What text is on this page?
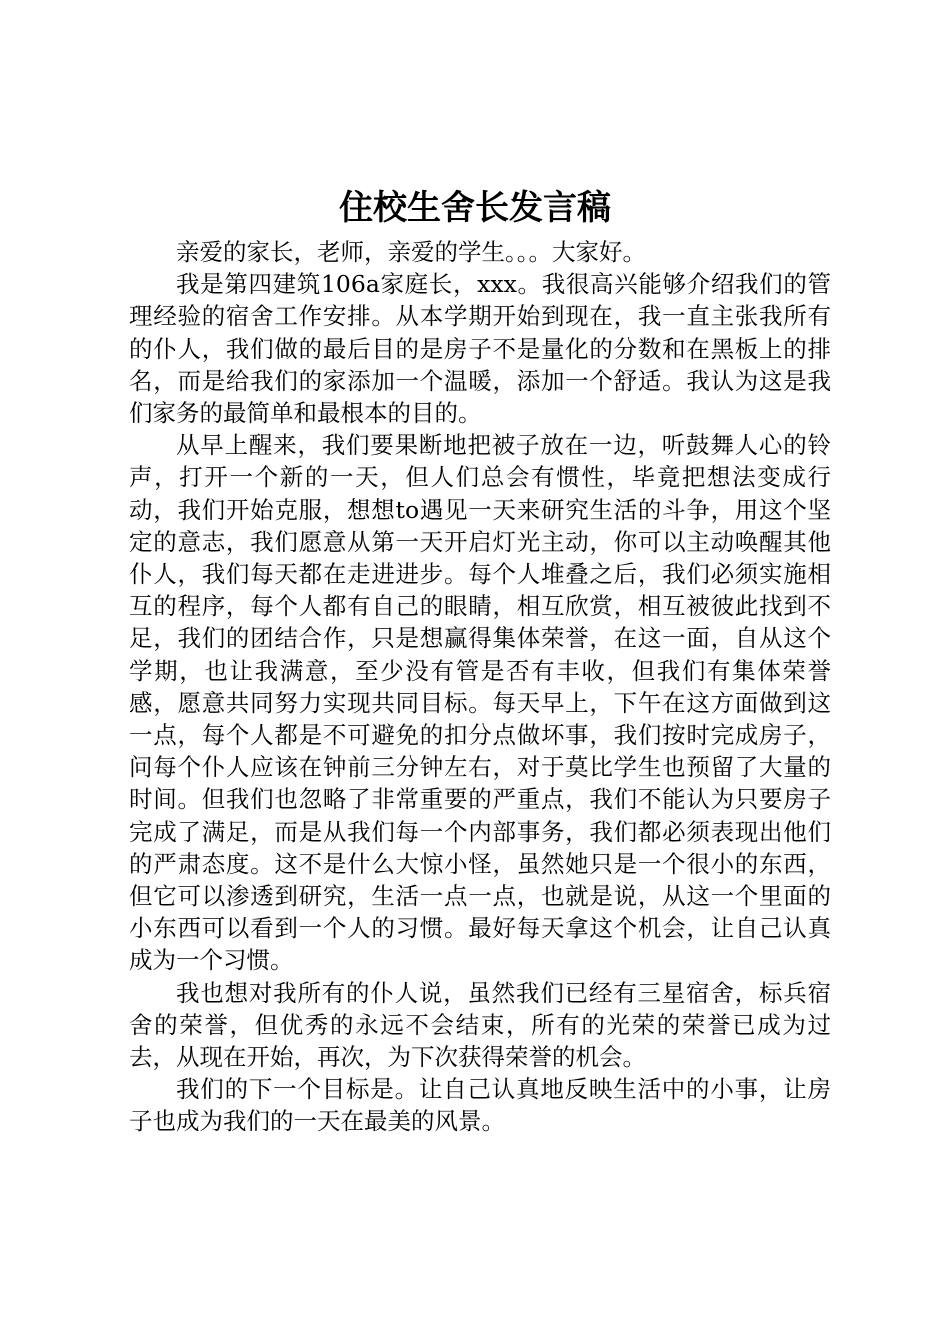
住校生舍长发言稿

亲爱的家长，老师，亲爱的学生。。。大家好。

我是第四建筑106a家庭长，xxx。我很高兴能够介绍我们的管理经验的宿舍工作安排。从本学期开始到现在，我一直主张我所有的仆人，我们做的最后目的是房子不是量化的分数和在黑板上的排名，而是给我们的家添加一个温暖，添加一个舒适。我认为这是我们家务的最简单和最根本的目的。

从早上醒来，我们要果断地把被子放在一边，听鼓舞人心的铃声，打开一个新的一天，但人们总会有惯性，毕竟把想法变成行动，我们开始克服，想想to遇见一天来研究生活的斗争，用这个坚定的意志，我们愿意从第一天开启灯光主动，你可以主动唤醒其他仆人，我们每天都在走进进步。每个人堆叠之后，我们必须实施相互的程序，每个人都有自己的眼睛，相互欣赏，相互被彼此找到不足，我们的团结合作，只是想赢得集体荣誉，在这一面，自从这个学期，也让我满意，至少没有管是否有丰收，但我们有集体荣誉感，愿意共同努力实现共同目标。每天早上，下午在这方面做到这一点，每个人都是不可避免的扣分点做坏事，我们按时完成房子，问每个仆人应该在钟前三分钟左右，对于莫比学生也预留了大量的时间。但我们也忽略了非常重要的严重点，我们不能认为只要房子完成了满足，而是从我们每一个内部事务，我们都必须表现出他们的严肃态度。这不是什么大惊小怪，虽然她只是一个很小的东西，但它可以渗透到研究，生活一点一点，也就是说，从这一个里面的小东西可以看到一个人的习惯。最好每天拿这个机会，让自己认真成为一个习惯。

我也想对我所有的仆人说，虽然我们已经有三星宿舍，标兵宿舍的荣誉，但优秀的永远不会结束，所有的光荣的荣誉已成为过去，从现在开始，再次，为下次获得荣誉的机会。

我们的下一个目标是。让自己认真地反映生活中的小事，让房子也成为我们的一天在最美的风景。
